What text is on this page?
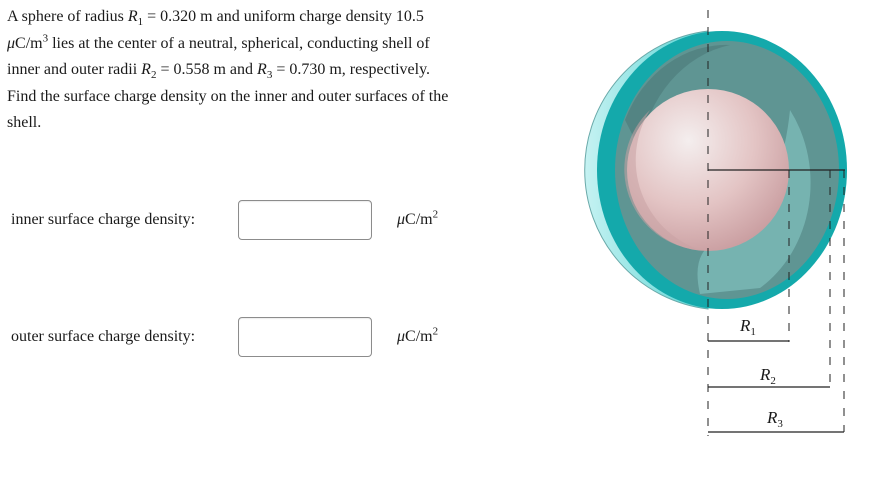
A sphere of radius $R_1 = 0.320$ m and uniform charge density 10.5 $\mu C/m^3$ lies at the center of a neutral, spherical, conducting shell of inner and outer radii $R_2 = 0.558$ m and $R_3 = 0.730$ m, respectively. Find the surface charge density on the inner and outer surfaces of the shell.
inner surface charge density:	$\mu C/m^2$
outer surface charge density:	$\mu C/m^2$	$R_1$
$R_2$
$R_3$
